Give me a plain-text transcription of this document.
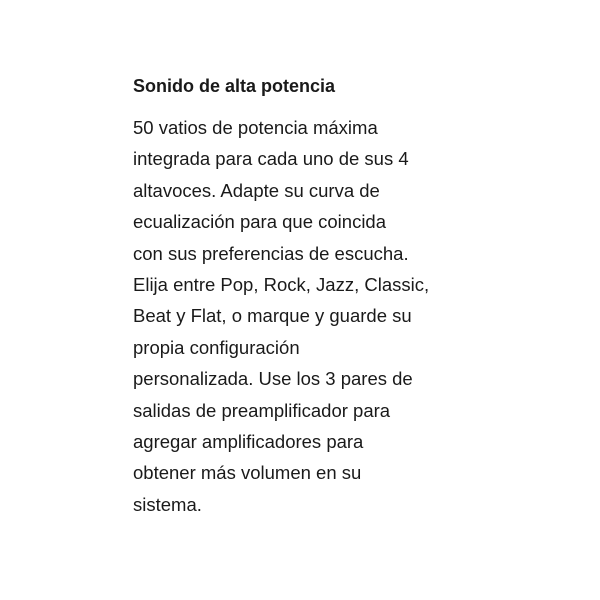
Sonido de alta potencia

50 vatios de potencia máxima
integrada para cada uno de sus 4
altavoces. Adapte su curva de
ecualización para que coincida
con sus preferencias de escucha.
Elija entre Pop, Rock, Jazz, Classic,
Beat y Flat, o marque y guarde su
propia configuración
personalizada. Use los 3 pares de
salidas de preamplificador para
agregar amplificadores para
obtener más volumen en su
sistema.
